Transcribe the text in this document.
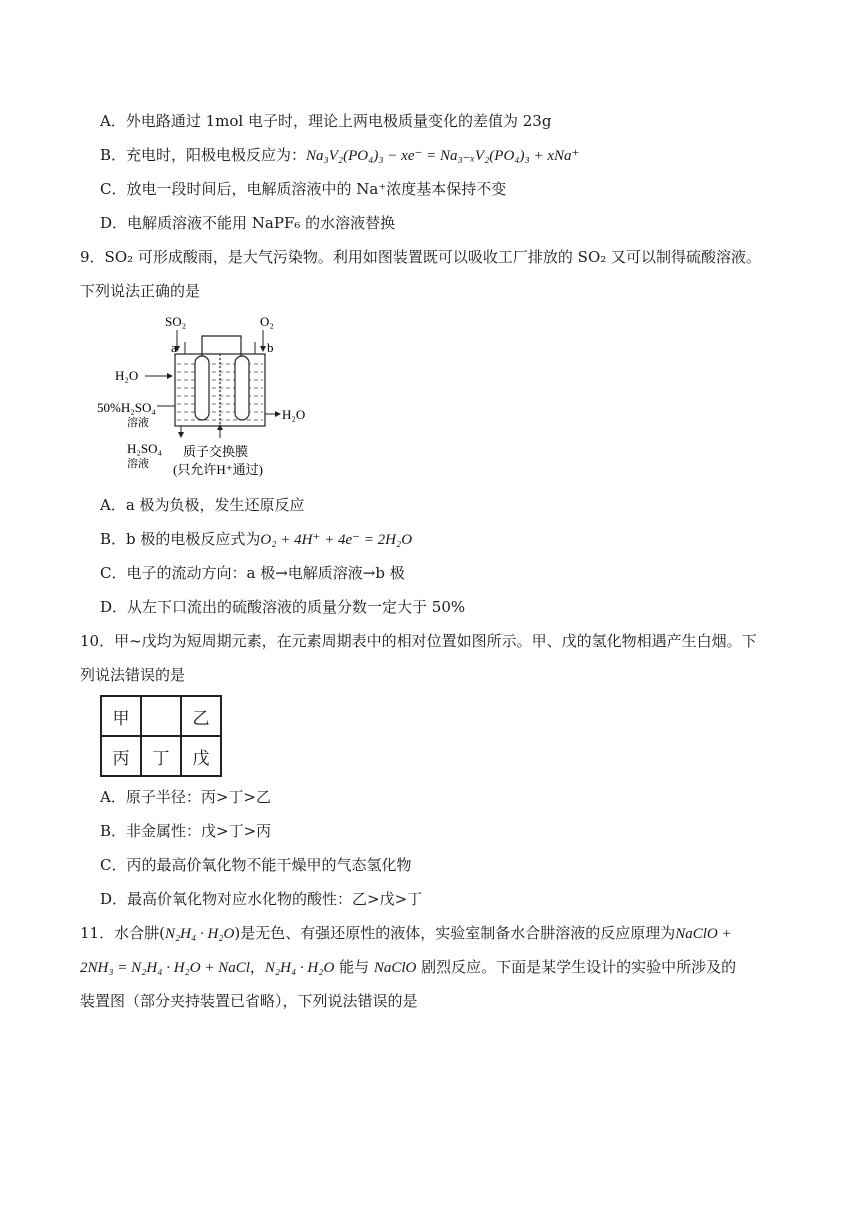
A．外电路通过 1mol 电子时，理论上两电极质量变化的差值为 23g
B．充电时，阳极电极反应为：Na₃V₂(PO₄)₃ − xe⁻ = Na₃₋ₓV₂(PO₄)₃ + xNa⁺
C．放电一段时间后，电解质溶液中的 Na⁺浓度基本保持不变
D．电解质溶液不能用 NaPF₆ 的水溶液替换
9．SO₂ 可形成酸雨，是大气污染物。利用如图装置既可以吸收工厂排放的 SO₂ 又可以制得硫酸溶液。
下列说法正确的是
SO₂
a
O₂
b
H₂O
50%H₂SO₄
溶液
H₂O
H₂SO₄
溶液
质子交换膜
(只允许H⁺通过)
A．a 极为负极，发生还原反应
B．b 极的电极反应式为O₂ + 4H⁺ + 4e⁻ = 2H₂O
C．电子的流动方向：a 极→电解质溶液→b 极
D．从左下口流出的硫酸溶液的质量分数一定大于 50%
10．甲~戊均为短周期元素，在元素周期表中的相对位置如图所示。甲、戊的氢化物相遇产生白烟。下
列说法错误的是
甲		乙
丙	丁	戊
A．原子半径：丙>丁>乙
B．非金属性：戊>丁>丙
C．丙的最高价氧化物不能干燥甲的气态氢化物
D．最高价氧化物对应水化物的酸性：乙>戊>丁
11．水合肼(N₂H₄ · H₂O)是无色、有强还原性的液体，实验室制备水合肼溶液的反应原理为NaClO +
2NH₃ = N₂H₄ · H₂O + NaCl，N₂H₄ · H₂O 能与 NaClO 剧烈反应。下面是某学生设计的实验中所涉及的
装置图（部分夹持装置已省略），下列说法错误的是
